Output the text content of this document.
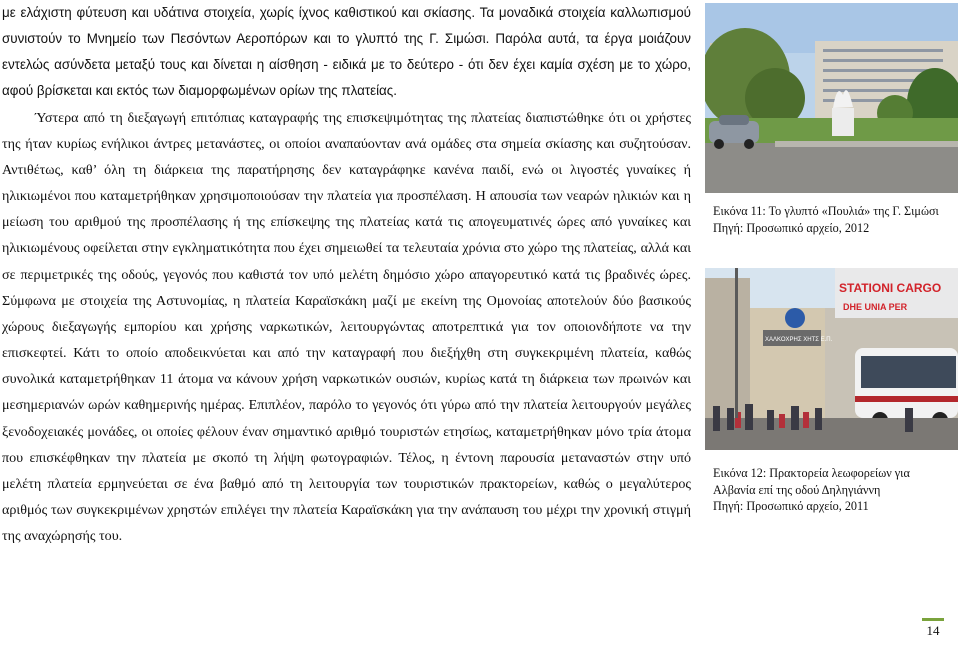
με ελάχιστη φύτευση και υδάτινα στοιχεία, χωρίς ίχνος καθιστικού και σκίασης. Τα μοναδικά στοιχεία καλλωπισμού συνιστούν το Μνημείο των Πεσόντων Αεροπόρων και το γλυπτό της Γ. Σιμώσι. Παρόλα αυτά, τα έργα μοιάζουν εντελώς ασύνδετα μεταξύ τους και δίνεται η αίσθηση - ειδικά με το δεύτερο - ότι δεν έχει καμία σχέση με το χώρο, αφού βρίσκεται και εκτός των διαμορφωμένων ορίων της πλατείας.

Ύστερα από τη διεξαγωγή επιτόπιας καταγραφής της επισκεψιμότητας της πλατείας διαπιστώθηκε ότι οι χρήστες της ήταν κυρίως ενήλικοι άντρες μετανάστες, οι οποίοι αναπαύονταν ανά ομάδες στα σημεία σκίασης και συζητούσαν. Αντιθέτως, καθ’ όλη τη διάρκεια της παρατήρησης δεν καταγράφηκε κανένα παιδί, ενώ οι λιγοστές γυναίκες ή ηλικιωμένοι που καταμετρήθηκαν χρησιμοποιούσαν την πλατεία για προσπέλαση. Η απουσία των νεαρών ηλικιών και η μείωση του αριθμού της προσπέλασης ή της επίσκεψης της πλατείας κατά τις απογευματινές ώρες από γυναίκες και ηλικιωμένους οφείλεται στην εγκληματικότητα που έχει σημειωθεί τα τελευταία χρόνια στο χώρο της πλατείας, αλλά και σε περιμετρικές της οδούς, γεγονός που καθιστά τον υπό μελέτη δημόσιο χώρο απαγορευτικό κατά τις βραδινές ώρες. Σύμφωνα με στοιχεία της Αστυνομίας, η πλατεία Καραϊσκάκη μαζί με εκείνη της Ομονοίας αποτελούν δύο βασικούς χώρους διεξαγωγής εμπορίου και χρήσης ναρκωτικών, λειτουργώντας αποτρεπτικά για τον οποιονδήποτε να την επισκεφτεί. Κάτι το οποίο αποδεικνύεται και από την καταγραφή που διεξήχθη στη συγκεκριμένη πλατεία, καθώς συνολικά καταμετρήθηκαν 11 άτομα να κάνουν χρήση ναρκωτικών ουσιών, κυρίως κατά τη διάρκεια των πρωινών και μεσημεριανών ωρών καθημερινής ημέρας. Επιπλέον, παρόλο το γεγονός ότι γύρω από την πλατεία λειτουργούν μεγάλες ξενοδοχειακές μονάδες, οι οποίες φέλουν έναν σημαντικό αριθμό τουριστών ετησίως, καταμετρήθηκαν μόνο τρία άτομα που επισκέφθηκαν την πλατεία με σκοπό τη λήψη φωτογραφιών. Τέλος, η έντονη παρουσία μεταναστών στην υπό μελέτη πλατεία ερμηνεύεται σε ένα βαθμό από τη λειτουργία των τουριστικών πρακτορείων, καθώς ο μεγαλύτερος αριθμός των συγκεκριμένων χρηστών επιλέγει την πλατεία Καραϊσκάκη για την ανάπαυση του μέχρι την χρονική στιγμή της αναχώρησής του.

Εικόνα 11: Το γλυπτό «Πουλιά» της Γ. Σιμώσι
Πηγή: Προσωπικό αρχείο, 2012
ΧΑΛΚΟΧΡΗΣ ΧΗΤΣ Ε.Π.
STATIONI CARGO
DHE UNIA PER
Εικόνα 12: Πρακτορεία λεωφορείων για
Αλβανία επί της οδού Δηληγιάννη
Πηγή: Προσωπικό αρχείο, 2011
14
